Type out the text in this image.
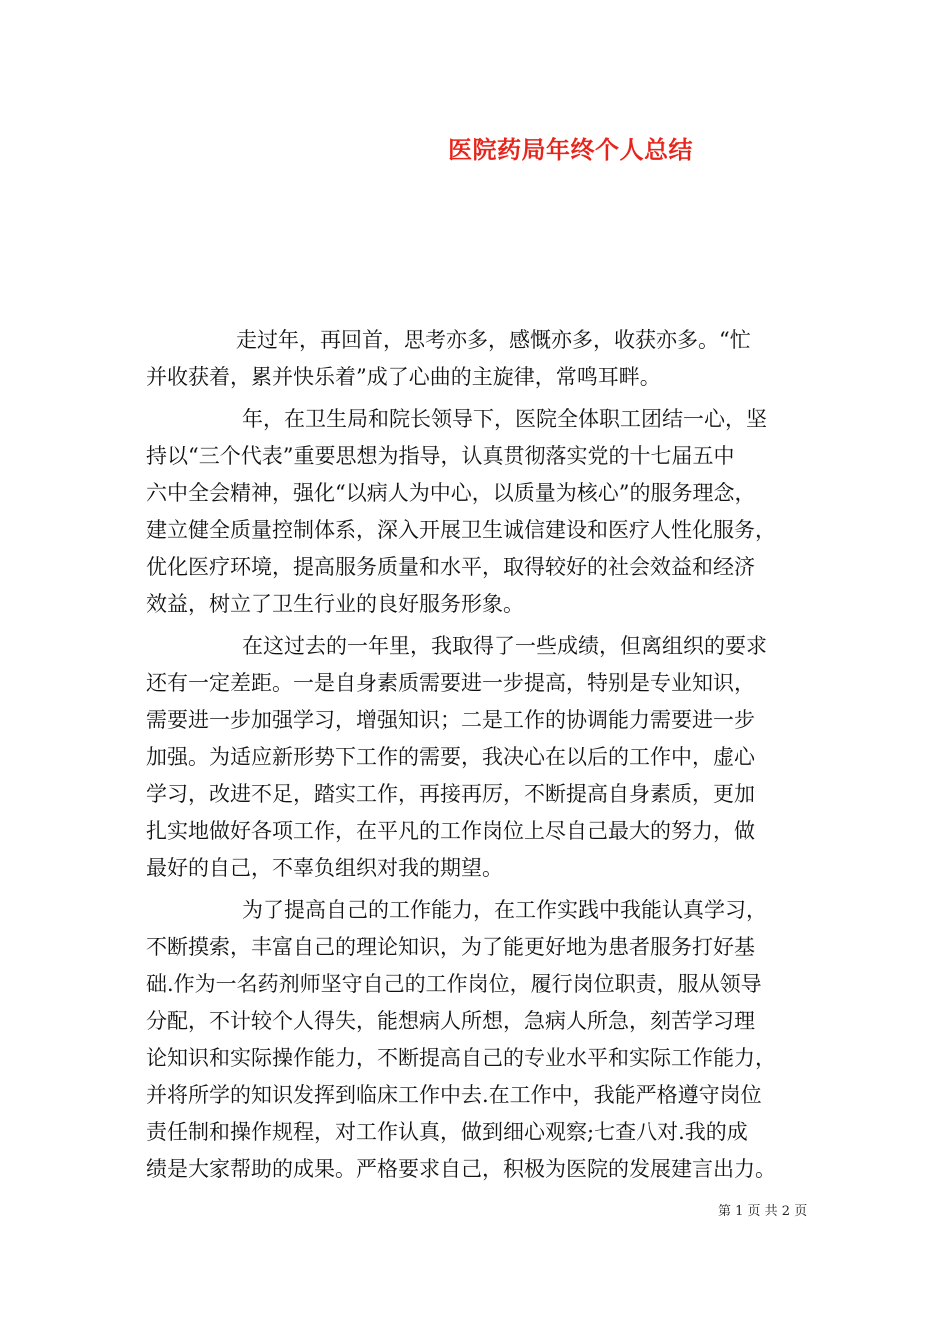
医院药局年终个人总结

走过年，再回首，思考亦多，感慨亦多，收获亦多。“忙

并收获着，累并快乐着”成了心曲的主旋律，常鸣耳畔。

年，在卫生局和院长领导下，医院全体职工团结一心，坚

持以“三个代表”重要思想为指导，认真贯彻落实党的十七届五中

六中全会精神，强化“以病人为中心，以质量为核心”的服务理念，

建立健全质量控制体系，深入开展卫生诚信建设和医疗人性化服务，

优化医疗环境，提高服务质量和水平，取得较好的社会效益和经济

效益，树立了卫生行业的良好服务形象。

在这过去的一年里，我取得了一些成绩，但离组织的要求

还有一定差距。一是自身素质需要进一步提高，特别是专业知识，

需要进一步加强学习，增强知识；二是工作的协调能力需要进一步

加强。为适应新形势下工作的需要，我决心在以后的工作中，虚心

学习，改进不足，踏实工作，再接再厉，不断提高自身素质，更加

扎实地做好各项工作，在平凡的工作岗位上尽自己最大的努力，做

最好的自己，不辜负组织对我的期望。

为了提高自己的工作能力，在工作实践中我能认真学习，

不断摸索，丰富自己的理论知识，为了能更好地为患者服务打好基

础.作为一名药剂师坚守自己的工作岗位，履行岗位职责，服从领导

分配，不计较个人得失，能想病人所想，急病人所急，刻苦学习理

论知识和实际操作能力，不断提高自己的专业水平和实际工作能力，

并将所学的知识发挥到临床工作中去.在工作中，我能严格遵守岗位

责任制和操作规程，对工作认真，做到细心观察;七查八对.我的成

绩是大家帮助的成果。严格要求自己，积极为医院的发展建言出力。

第 1 页 共 2 页
